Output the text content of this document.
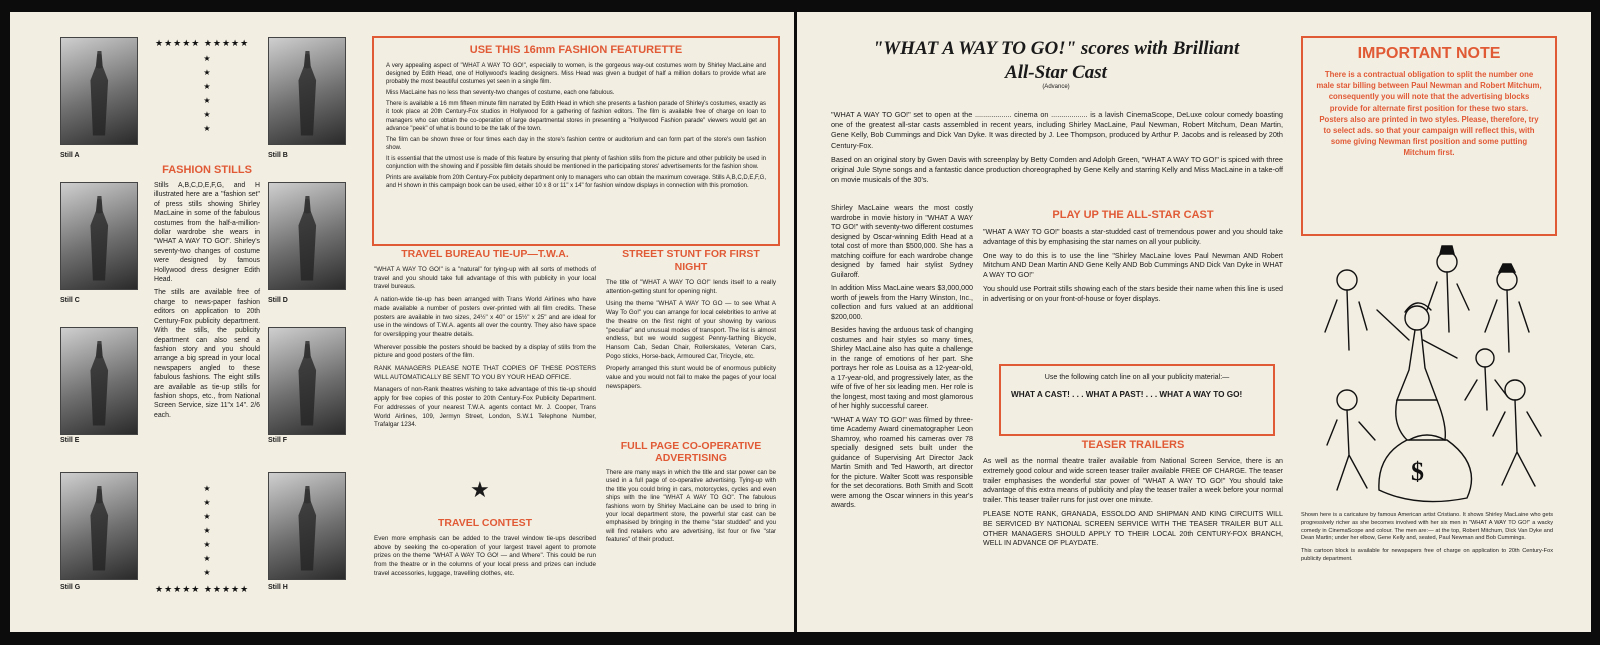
Still A
Still C
Still E
Still G
Still B
Still D
Still F
Still H
★★★★★ ★★★★★
★
★
★
★
★
★
★
★
★
★
★
★
★
★★★★★ ★★★★★
FASHION STILLS

Stills A,B,C,D,E,F,G, and H illustrated here are a "fashion set" of press stills showing Shirley MacLaine in some of the fabulous costumes from the half-a-million-dollar wardrobe she wears in "WHAT A WAY TO GO!". Shirley's seventy-two changes of costume were designed by famous Hollywood dress designer Edith Head.

The stills are available free of charge to news-paper fashion editors on application to 20th Century-Fox publicity department. With the stills, the publicity department can also send a fashion story and you should arrange a big spread in your local newspapers angled to these fabulous fashions. The eight stills are available as tie-up stills for fashion shops, etc., from National Screen Service, size 11"x 14". 2/6 each.

USE THIS 16mm FASHION FEATURETTE

A very appealing aspect of "WHAT A WAY TO GO!", especially to women, is the gorgeous way-out costumes worn by Shirley MacLaine and designed by Edith Head, one of Hollywood's leading designers. Miss Head was given a budget of half a million dollars to provide what are probably the most beautiful costumes yet seen in a single film.

Miss MacLaine has no less than seventy-two changes of costume, each one fabulous.

There is available a 16 mm fifteen minute film narrated by Edith Head in which she presents a fashion parade of Shirley's costumes, exactly as it took place at 20th Century-Fox studios in Hollywood for a gathering of fashion editors. The film is available free of charge on loan to managers who can obtain the co-operation of large departmental stores in presenting a "Hollywood Fashion parade" viewers would get an advance "peek" of what is bound to be the talk of the town.

The film can be shown three or four times each day in the store's fashion centre or auditorium and can form part of the store's own fashion show.

It is essential that the utmost use is made of this feature by ensuring that plenty of fashion stills from the picture and other publicity be used in conjunction with the showing and if possible film details should be mentioned in the participating stores' advertisements for the fashion show.

Prints are available from 20th Century-Fox publicity department only to managers who can obtain the maximum coverage. Stills A,B,C,D,E,F,G, and H shown in this campaign book can be used, either 10 x 8 or 11" x 14" for fashion window displays in connection with this promotion.

TRAVEL BUREAU TIE-UP—T.W.A.

"WHAT A WAY TO GO!" is a "natural" for tying-up with all sorts of methods of travel and you should take full advantage of this with publicity in your local travel bureaus.

A nation-wide tie-up has been arranged with Trans World Airlines who have made available a number of posters over-printed with all film credits. These posters are available in two sizes, 24½" x 40" or 15½" x 25" and are ideal for use in the windows of T.W.A. agents all over the country. They also have space for overslipping your theatre details.

Wherever possible the posters should be backed by a display of stills from the picture and good posters of the film.

RANK MANAGERS PLEASE NOTE THAT COPIES OF THESE POSTERS WILL AUTOMATICALLY BE SENT TO YOU BY YOUR HEAD OFFICE.

Managers of non-Rank theatres wishing to take advantage of this tie-up should apply for free copies of this poster to 20th Century-Fox Publicity Department. For addresses of your nearest T.W.A. agents contact Mr. J. Cooper, Trans World Airlines, 109, Jermyn Street, London, S.W.1 Telephone Number, Trafalgar 1234.

★
TRAVEL CONTEST

Even more emphasis can be added to the travel window tie-ups described above by seeking the co-operation of your largest travel agent to promote prizes on the theme "WHAT A WAY TO GO! — and Where". This could be run from the theatre or in the columns of your local press and prizes can include travel accessories, luggage, travelling clothes, etc.

STREET STUNT FOR FIRST NIGHT

The title of "WHAT A WAY TO GO!" lends itself to a really attention-getting stunt for opening night.

Using the theme "WHAT A WAY TO GO — to see What A Way To Go!" you can arrange for local celebrities to arrive at the theatre on the first night of your showing by various "peculiar" and unusual modes of transport. The list is almost endless, but we would suggest Penny-farthing Bicycle, Hansom Cab, Sedan Chair, Rollerskates, Veteran Cars, Pogo sticks, Horse-back, Armoured Car, Tricycle, etc.

Properly arranged this stunt would be of enormous publicity value and you would not fail to make the pages of your local newspapers.

FULL PAGE CO-OPERATIVE ADVERTISING

There are many ways in which the title and star power can be used in a full page of co-operative advertising. Tying-up with the title you could bring in cars, motorcycles, cycles and even ships with the line "WHAT A WAY TO GO". The fabulous fashions worn by Shirley MacLaine can be used to bring in your local department store, the powerful star cast can be emphasised by bringing in the theme "star studded" and you will find retailers who are advertising, list four or five "star features" of their product.

"WHAT A WAY TO GO!" scores with Brilliant
All-Star Cast
(Advance)

"WHAT A WAY TO GO!" set to open at the .................. cinema on .................. is a lavish CinemaScope, DeLuxe colour comedy boasting one of the greatest all-star casts assembled in recent years, including Shirley MacLaine, Paul Newman, Robert Mitchum, Dean Martin, Gene Kelly, Bob Cummings and Dick Van Dyke. It was directed by J. Lee Thompson, produced by Arthur P. Jacobs and is released by 20th Century-Fox.

Based on an original story by Gwen Davis with screenplay by Betty Comden and Adolph Green, "WHAT A WAY TO GO!" is spiced with three original Jule Styne songs and a fantastic dance production choreographed by Gene Kelly and starring Kelly and Miss MacLaine in a take-off on movie musicals of the 30's.

Shirley MacLaine wears the most costly wardrobe in movie history in "WHAT A WAY TO GO!" with seventy-two different costumes designed by Oscar-winning Edith Head at a total cost of more than $500,000. She has a matching coiffure for each wardrobe change designed by famed hair stylist Sydney Guilaroff.

In addition Miss MacLaine wears $3,000,000 worth of jewels from the Harry Winston, Inc., collection and furs valued at an additional $200,000.

Besides having the arduous task of changing costumes and hair styles so many times, Shirley MacLaine also has quite a challenge in the range of emotions of her part. She portrays her role as Louisa as a 12-year-old, a 17-year-old, and progressively later, as the wife of five of her six leading men. Her role is the longest, most taxing and most glamorous of her highly successful career.

"WHAT A WAY TO GO!" was filmed by three-time Academy Award cinematographer Leon Shamroy, who roamed his cameras over 78 specially designed sets built under the guidance of Supervising Art Director Jack Martin Smith and Ted Haworth, art director for the picture. Walter Scott was responsible for the set decorations. Both Smith and Scott were among the Oscar winners in this year's awards.

PLAY UP THE ALL-STAR CAST

"WHAT A WAY TO GO!" boasts a star-studded cast of tremendous power and you should take advantage of this by emphasising the star names on all your publicity.

One way to do this is to use the line "Shirley MacLaine loves Paul Newman AND Robert Mitchum AND Dean Martin AND Gene Kelly AND Bob Cummings AND Dick Van Dyke in WHAT A WAY TO GO!"

You should use Portrait stills showing each of the stars beside their name when this line is used in advertising or on your front-of-house or foyer displays.

Use the following catch line on all your publicity material:—
WHAT A CAST! . . . WHAT A PAST! . . . WHAT A WAY TO GO!
TEASER TRAILERS

As well as the normal theatre trailer available from National Screen Service, there is an extremely good colour and wide screen teaser trailer available FREE OF CHARGE. The teaser trailer emphasises the wonderful star power of "WHAT A WAY TO GO!" You should take advantage of this extra means of publicity and play the teaser trailer a week before your normal trailer. This teaser trailer runs for just over one minute.

PLEASE NOTE RANK, GRANADA, ESSOLDO AND SHIPMAN AND KING CIRCUITS WILL BE SERVICED BY NATIONAL SCREEN SERVICE WITH THE TEASER TRAILER BUT ALL OTHER MANAGERS SHOULD APPLY TO THEIR LOCAL 20th CENTURY-FOX BRANCH, WELL IN ADVANCE OF PLAYDATE.

IMPORTANT NOTE
There is a contractual obligation to split the number one male star billing between Paul Newman and Robert Mitchum, consequently you will note that the advertising blocks provide for alternate first position for these two stars. Posters also are printed in two styles. Please, therefore, try to select ads. so that your campaign will reflect this, with some giving Newman first position and some putting Mitchum first.
$

Shown here is a caricature by famous American artist Cristiano. It shows Shirley MacLaine who gets progressively richer as she becomes involved with her six men in "WHAT A WAY TO GO!" a wacky comedy in CinemaScope and colour. The men are:— at the top, Robert Mitchum, Dick Van Dyke and Dean Martin; under her elbow, Gene Kelly and, seated, Paul Newman and Bob Cummings.

This cartoon block is available for newspapers free of charge on application to 20th Century-Fox publicity department.
